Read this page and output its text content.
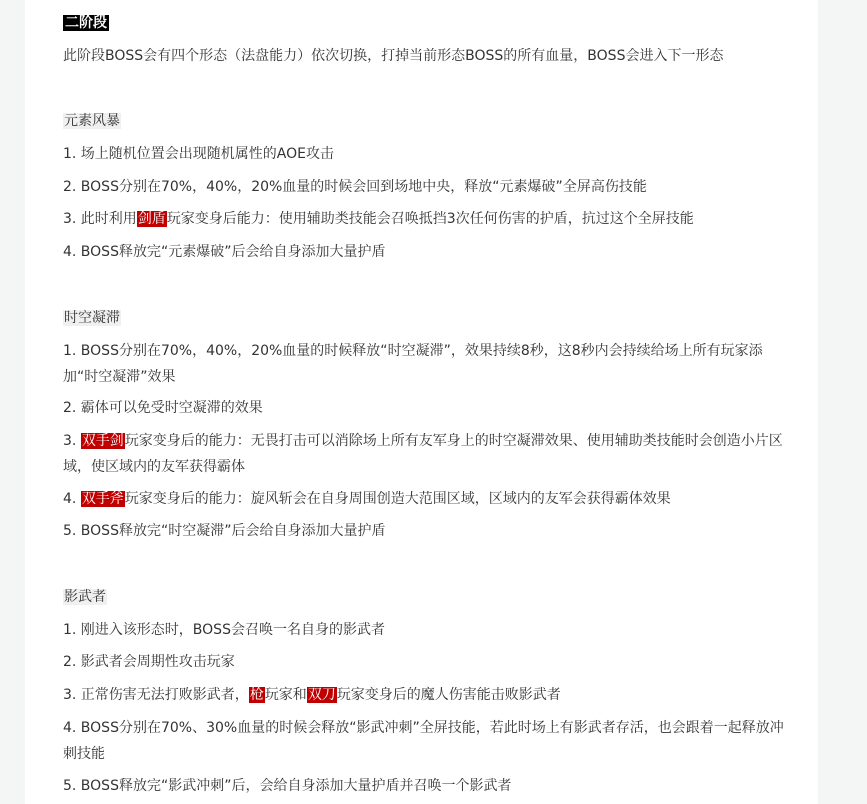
二阶段
此阶段BOSS会有四个形态（法盘能力）依次切换，打掉当前形态BOSS的所有血量，BOSS会进入下一形态
元素风暴
1. 场上随机位置会出现随机属性的AOE攻击
2. BOSS分别在70%，40%，20%血量的时候会回到场地中央，释放“元素爆破”全屏高伤技能
3. 此时利用剑盾玩家变身后能力：使用辅助类技能会召唤抵挡3次任何伤害的护盾，抗过这个全屏技能
4. BOSS释放完“元素爆破”后会给自身添加大量护盾
时空凝滞
1. BOSS分别在70%，40%，20%血量的时候释放“时空凝滞”，效果持续8秒，这8秒内会持续给场上所有玩家添加“时空凝滞”效果
2. 霸体可以免受时空凝滞的效果
3. 双手剑玩家变身后的能力：无畏打击可以消除场上所有友军身上的时空凝滞效果、使用辅助类技能时会创造小片区域，使区域内的友军获得霸体
4. 双手斧玩家变身后的能力：旋风斩会在自身周围创造大范围区域，区域内的友军会获得霸体效果
5. BOSS释放完“时空凝滞”后会给自身添加大量护盾
影武者
1. 刚进入该形态时，BOSS会召唤一名自身的影武者
2. 影武者会周期性攻击玩家
3. 正常伤害无法打败影武者，枪玩家和双刀玩家变身后的魔人伤害能击败影武者
4. BOSS分别在70%、30%血量的时候会释放“影武冲刺”全屏技能，若此时场上有影武者存活，也会跟着一起释放冲刺技能
5. BOSS释放完“影武冲刺”后，会给自身添加大量护盾并召唤一个影武者
